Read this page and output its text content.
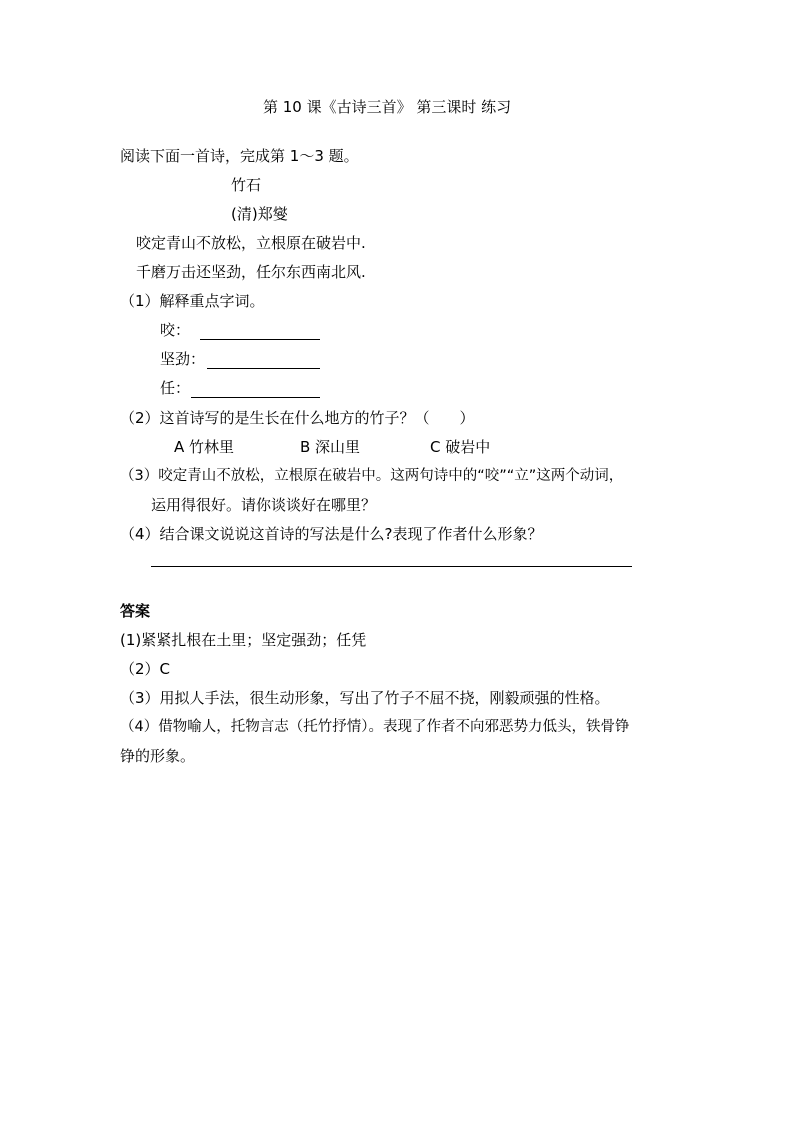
第 10 课《古诗三首》 第三课时 练习
阅读下面一首诗，完成第 1～3 题。
竹石
(清)郑燮
咬定青山不放松，立根原在破岩中.
千磨万击还坚劲，任尔东西南北风.
（1）解释重点字词。
咬：
坚劲：
任：
（2）这首诗写的是生长在什么地方的竹子？（　　）
A 竹林里	B 深山里	C 破岩中
（3）咬定青山不放松，立根原在破岩中。这两句诗中的“咬”“立”这两个动词，
运用得很好。请你谈谈好在哪里？
（4）结合课文说说这首诗的写法是什么?表现了作者什么形象？
答案
(1)紧紧扎根在土里；坚定强劲；任凭
（2）C
（3）用拟人手法，很生动形象，写出了竹子不屈不挠，刚毅顽强的性格。
（4）借物喻人，托物言志（托竹抒情）。表现了作者不向邪恶势力低头，铁骨铮
铮的形象。
